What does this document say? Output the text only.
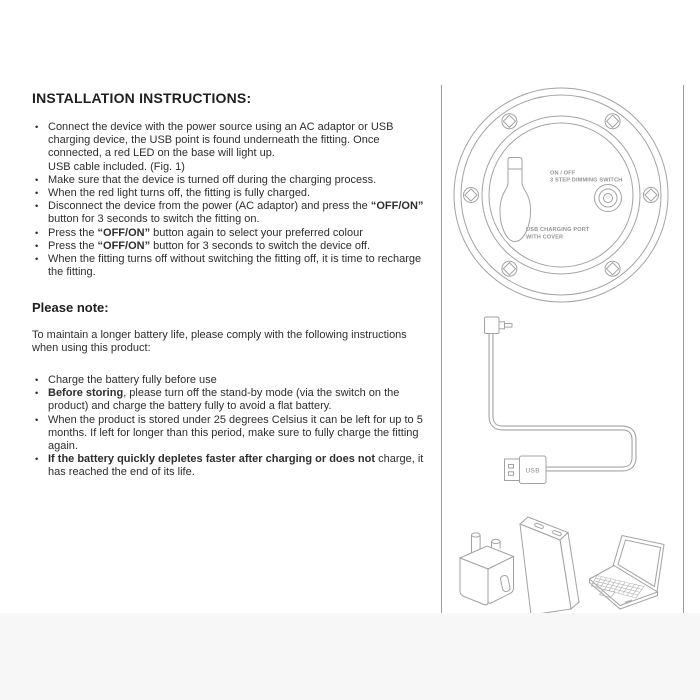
INSTALLATION INSTRUCTIONS:
• Connect the device with the power source using an AC adaptor or USB charging device, the USB point is found underneath the fitting. Once connected, a red LED on the base will light up.
USB cable included. (Fig. 1)
• Make sure that the device is turned off during the charging process.
• When the red light turns off, the fitting is fully charged.
• Disconnect the device from the power (AC adaptor) and press the “OFF/ON” button for 3 seconds to switch the fitting on.
• Press the “OFF/ON” button again to select your preferred colour
• Press the “OFF/ON” button for 3 seconds to switch the device off.
• When the fitting turns off without switching the fitting off, it is time to recharge the fitting.
Please note:
To maintain a longer battery life, please comply with the following instructions when using this product:
• Charge the battery fully before use
• Before storing, please turn off the stand-by mode (via the switch on the product) and charge the battery fully to avoid a flat battery.
• When the product is stored under 25 degrees Celsius it can be left for up to 5 months. If left for longer than this period, make sure to fully charge the fitting again.
• If the battery quickly depletes faster after charging or does not charge, it has reached the end of its life.
ON / OFF
3 STEP DIMMING SWITCH
USB CHARGING PORT
WITH COVER
USB
